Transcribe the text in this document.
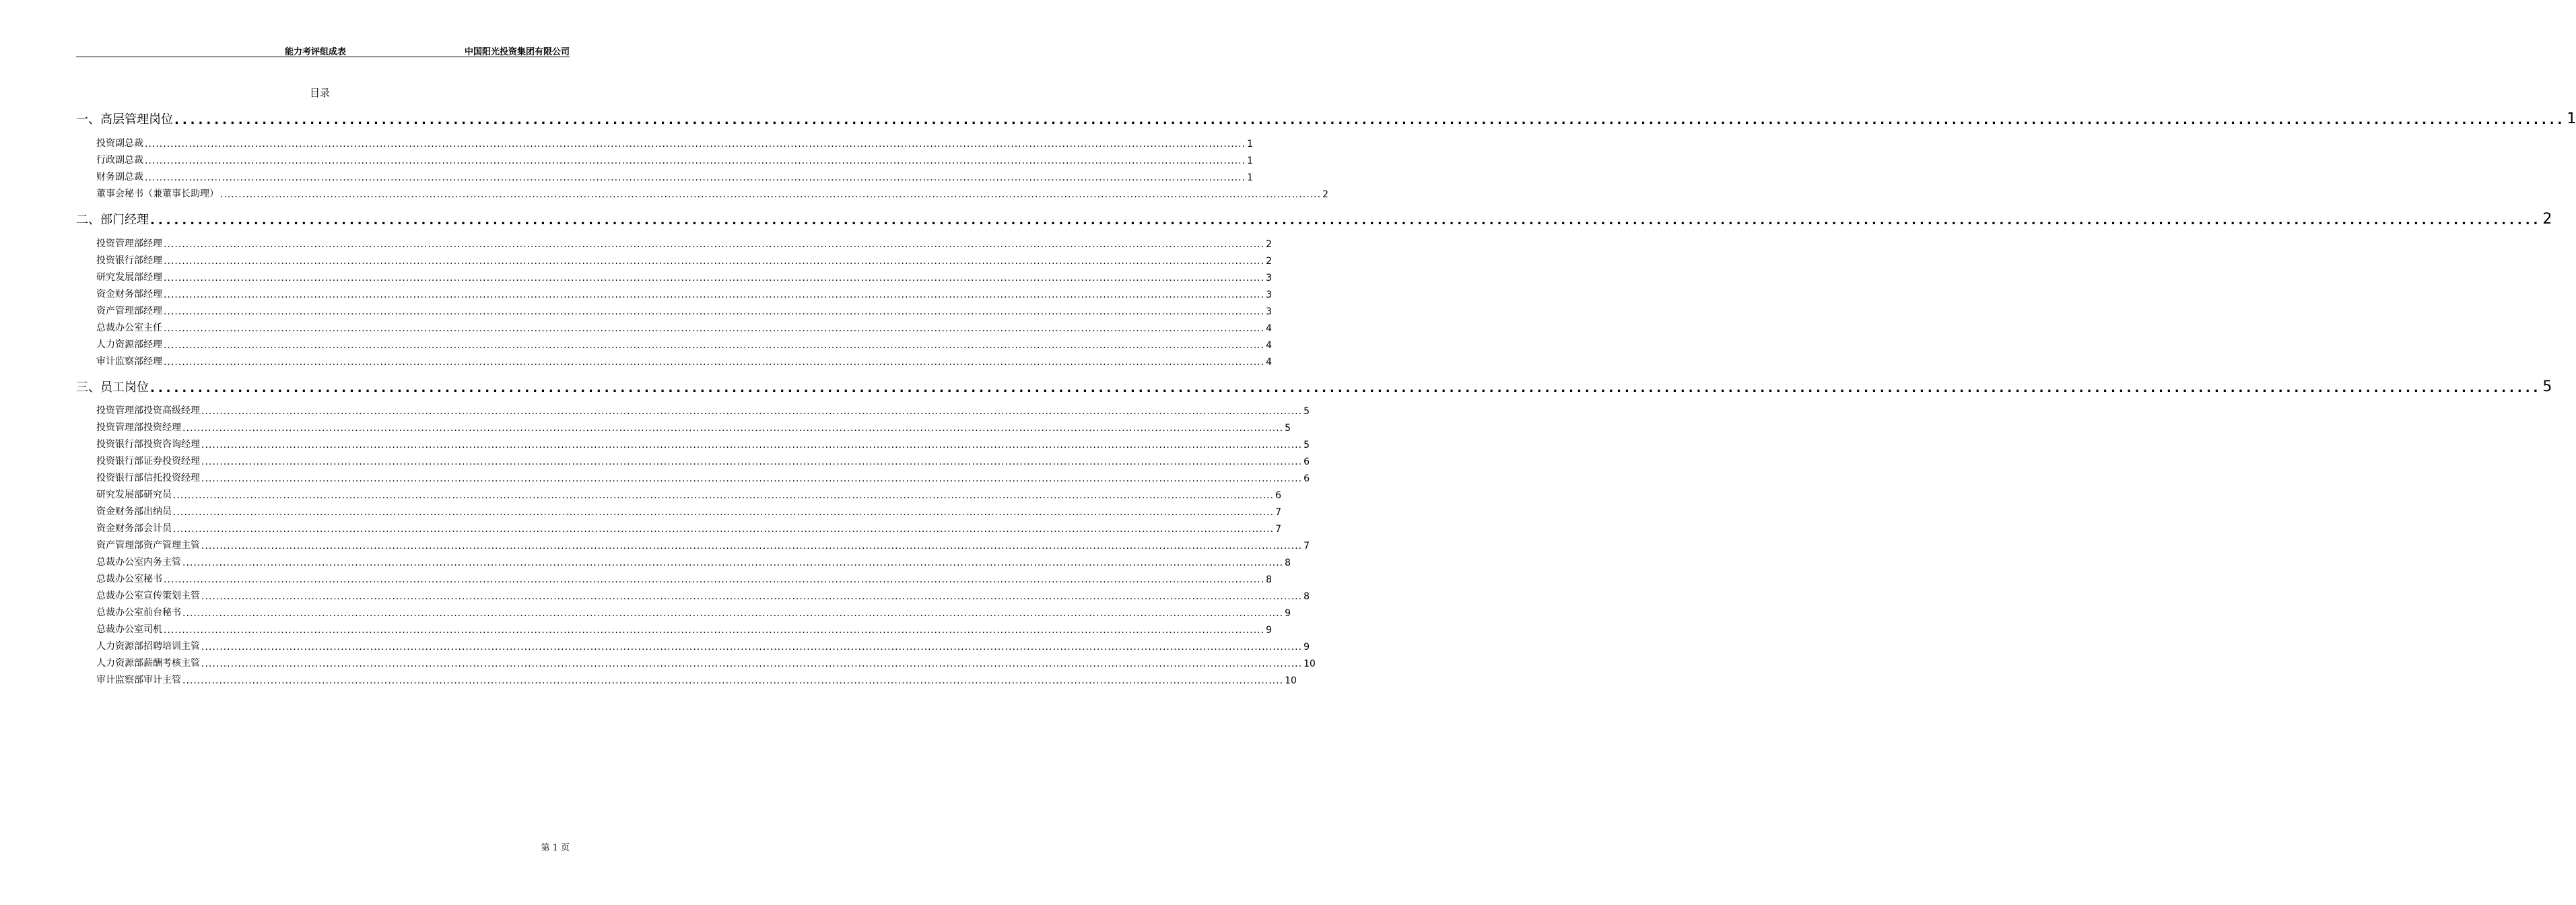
能力考评组成表	中国阳光投资集团有限公司
目录
一、高层管理岗位 ............................................................................................................................................................................................................................................................................................................ 1
投资副总裁 ............................................................................................................................................................................................................................................................................................................ 1
行政副总裁 ............................................................................................................................................................................................................................................................................................................ 1
财务副总裁 ............................................................................................................................................................................................................................................................................................................ 1
董事会秘书（兼董事长助理） ............................................................................................................................................................................................................................................................................................................ 2
二、部门经理 ............................................................................................................................................................................................................................................................................................................ 2
投资管理部经理 ............................................................................................................................................................................................................................................................................................................ 2
投资银行部经理 ............................................................................................................................................................................................................................................................................................................ 2
研究发展部经理 ............................................................................................................................................................................................................................................................................................................ 3
资金财务部经理 ............................................................................................................................................................................................................................................................................................................ 3
资产管理部经理 ............................................................................................................................................................................................................................................................................................................ 3
总裁办公室主任 ............................................................................................................................................................................................................................................................................................................ 4
人力资源部经理 ............................................................................................................................................................................................................................................................................................................ 4
审计监察部经理 ............................................................................................................................................................................................................................................................................................................ 4
三、员工岗位 ............................................................................................................................................................................................................................................................................................................ 5
投资管理部投资高级经理 ............................................................................................................................................................................................................................................................................................................ 5
投资管理部投资经理 ............................................................................................................................................................................................................................................................................................................ 5
投资银行部投资咨询经理 ............................................................................................................................................................................................................................................................................................................ 5
投资银行部证券投资经理 ............................................................................................................................................................................................................................................................................................................ 6
投资银行部信托投资经理 ............................................................................................................................................................................................................................................................................................................ 6
研究发展部研究员 ............................................................................................................................................................................................................................................................................................................ 6
资金财务部出纳员 ............................................................................................................................................................................................................................................................................................................ 7
资金财务部会计员 ............................................................................................................................................................................................................................................................................................................ 7
资产管理部资产管理主管 ............................................................................................................................................................................................................................................................................................................ 7
总裁办公室内务主管 ............................................................................................................................................................................................................................................................................................................ 8
总裁办公室秘书 ............................................................................................................................................................................................................................................................................................................ 8
总裁办公室宣传策划主管 ............................................................................................................................................................................................................................................................................................................ 8
总裁办公室前台秘书 ............................................................................................................................................................................................................................................................................................................ 9
总裁办公室司机 ............................................................................................................................................................................................................................................................................................................ 9
人力资源部招聘培训主管 ............................................................................................................................................................................................................................................................................................................ 9
人力资源部薪酬考核主管 ............................................................................................................................................................................................................................................................................................................ 10
审计监察部审计主管 ............................................................................................................................................................................................................................................................................................................ 10
第 1 页
